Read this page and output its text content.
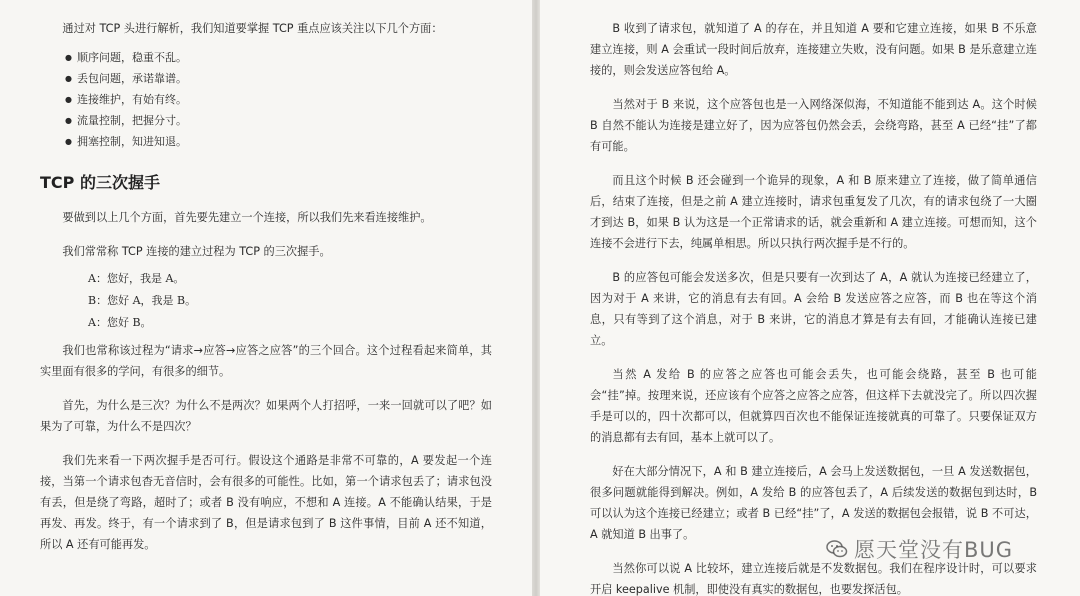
通过对 TCP 头进行解析，我们知道要掌握 TCP 重点应该关注以下几个方面：

● 顺序问题，稳重不乱。
● 丢包问题，承诺靠谱。
● 连接维护，有始有终。
● 流量控制，把握分寸。
● 拥塞控制，知进知退。
TCP 的三次握手

要做到以上几个方面，首先要先建立一个连接，所以我们先来看连接维护。

我们常常称 TCP 连接的建立过程为 TCP 的三次握手。

A：您好，我是 A。
B：您好 A，我是 B。
A：您好 B。

我们也常称该过程为“请求→应答→应答之应答”的三个回合。这个过程看起来简单，其实里面有很多的学问，有很多的细节。

首先，为什么是三次？为什么不是两次？如果两个人打招呼，一来一回就可以了吧？如果为了可靠，为什么不是四次？

我们先来看一下两次握手是否可行。假设这个通路是非常不可靠的，A 要发起一个连接，当第一个请求包杳无音信时，会有很多的可能性。比如，第一个请求包丢了；请求包没有丢，但是绕了弯路，超时了；或者 B 没有响应，不想和 A 连接。A 不能确认结果，于是再发、再发。终于，有一个请求到了 B，但是请求包到了 B 这件事情，目前 A 还不知道，所以 A 还有可能再发。

B 收到了请求包，就知道了 A 的存在，并且知道 A 要和它建立连接，如果 B 不乐意建立连接，则 A 会重试一段时间后放弃，连接建立失败，没有问题。如果 B 是乐意建立连接的，则会发送应答包给 A。

当然对于 B 来说，这个应答包也是一入网络深似海，不知道能不能到达 A。这个时候 B 自然不能认为连接是建立好了，因为应答包仍然会丢，会绕弯路，甚至 A 已经“挂”了都有可能。

而且这个时候 B 还会碰到一个诡异的现象，A 和 B 原来建立了连接，做了简单通信后，结束了连接，但是之前 A 建立连接时，请求包重复发了几次，有的请求包绕了一大圈才到达 B，如果 B 认为这是一个正常请求的话，就会重新和 A 建立连接。可想而知，这个连接不会进行下去，纯属单相思。所以只执行两次握手是不行的。

B 的应答包可能会发送多次，但是只要有一次到达了 A，A 就认为连接已经建立了，因为对于 A 来讲，它的消息有去有回。A 会给 B 发送应答之应答，而 B 也在等这个消息，只有等到了这个消息，对于 B 来讲，它的消息才算是有去有回，才能确认连接已建立。

当然 A 发给 B 的应答之应答也可能会丢失，也可能会绕路，甚至 B 也可能会“挂”掉。按理来说，还应该有个应答之应答之应答，但这样下去就没完了。所以四次握手是可以的，四十次都可以，但就算四百次也不能保证连接就真的可靠了。只要保证双方的消息都有去有回，基本上就可以了。

好在大部分情况下，A 和 B 建立连接后，A 会马上发送数据包，一旦 A 发送数据包，很多问题就能得到解决。例如，A 发给 B 的应答包丢了，A 后续发送的数据包到达时，B 可以认为这个连接已经建立；或者 B 已经“挂”了，A 发送的数据包会报错，说 B 不可达，A 就知道 B 出事了。

当然你可以说 A 比较坏，建立连接后就是不发数据包。我们在程序设计时，可以要求开启 keepalive 机制，即使没有真实的数据包，也要发探活包。

愿天堂没有BUG
